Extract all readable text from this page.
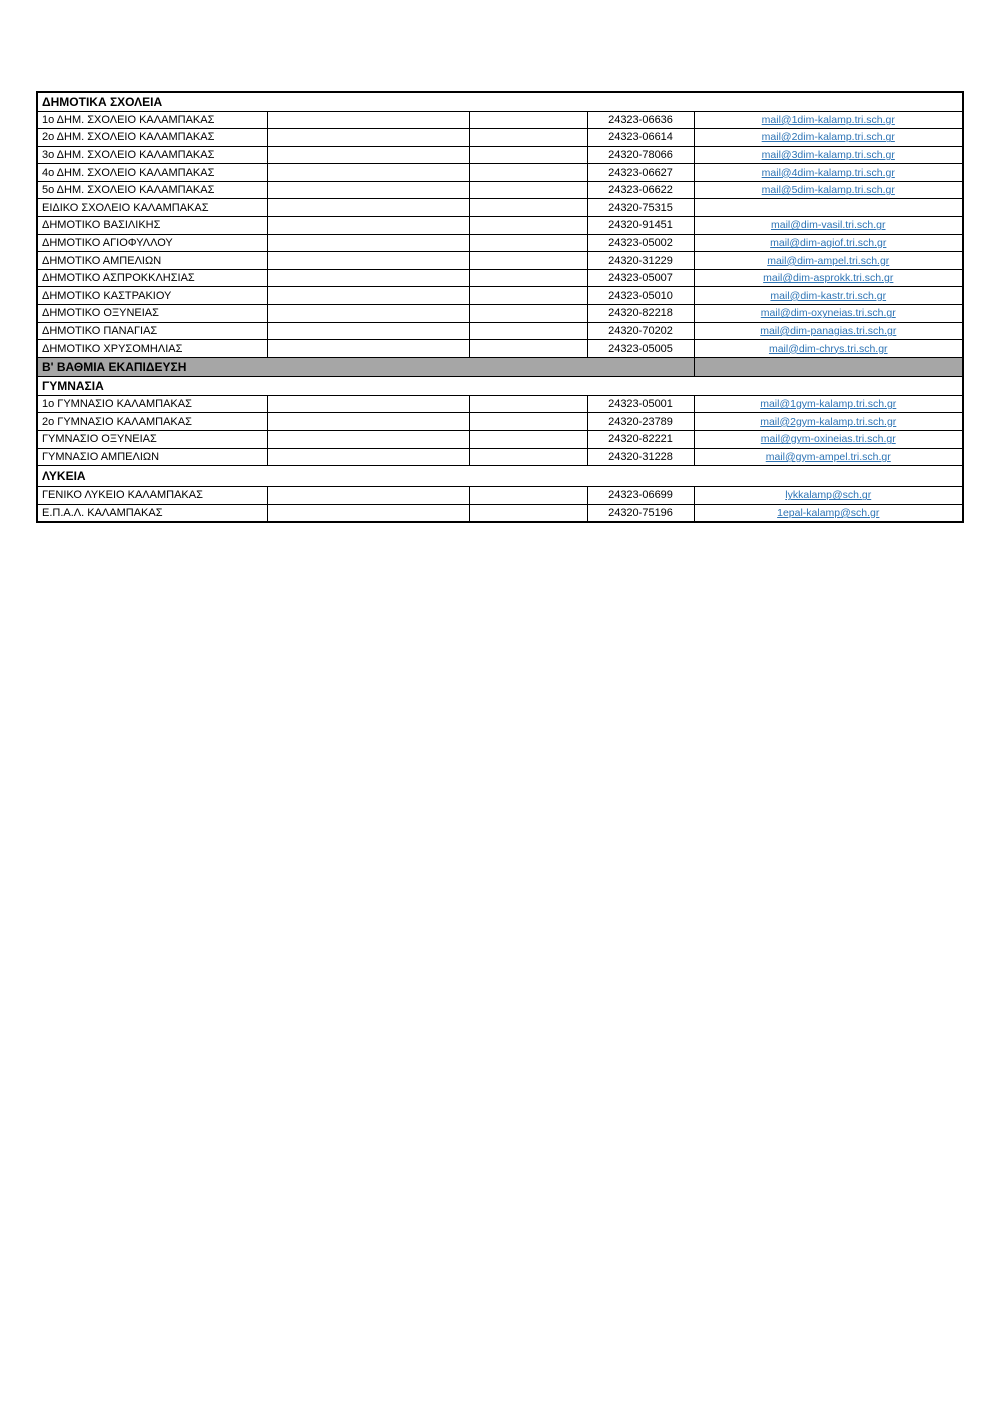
ΔΗΜΟΤΙΚΑ ΣΧΟΛΕΙΑ				
1ο ΔΗΜ. ΣΧΟΛΕΙΟ ΚΑΛΑΜΠΑΚΑΣ			24323-06636	mail@1dim-kalamp.tri.sch.gr
2ο ΔΗΜ. ΣΧΟΛΕΙΟ ΚΑΛΑΜΠΑΚΑΣ			24323-06614	mail@2dim-kalamp.tri.sch.gr
3ο ΔΗΜ. ΣΧΟΛΕΙΟ ΚΑΛΑΜΠΑΚΑΣ			24320-78066	mail@3dim-kalamp.tri.sch.gr
4ο ΔΗΜ. ΣΧΟΛΕΙΟ ΚΑΛΑΜΠΑΚΑΣ			24323-06627	mail@4dim-kalamp.tri.sch.gr
5ο ΔΗΜ. ΣΧΟΛΕΙΟ ΚΑΛΑΜΠΑΚΑΣ			24323-06622	mail@5dim-kalamp.tri.sch.gr
ΕΙΔΙΚΟ ΣΧΟΛΕΙΟ ΚΑΛΑΜΠΑΚΑΣ			24320-75315	
ΔΗΜΟΤΙΚΟ ΒΑΣΙΛΙΚΗΣ			24320-91451	mail@dim-vasil.tri.sch.gr
ΔΗΜΟΤΙΚΟ ΑΓΙΟΦΥΛΛΟΥ			24323-05002	mail@dim-agiof.tri.sch.gr
ΔΗΜΟΤΙΚΟ ΑΜΠΕΛΙΩΝ			24320-31229	mail@dim-ampel.tri.sch.gr
ΔΗΜΟΤΙΚΟ ΑΣΠΡΟΚΚΛΗΣΙΑΣ			24323-05007	mail@dim-asprokk.tri.sch.gr
ΔΗΜΟΤΙΚΟ ΚΑΣΤΡΑΚΙΟΥ			24323-05010	mail@dim-kastr.tri.sch.gr
ΔΗΜΟΤΙΚΟ ΟΞΥΝΕΙΑΣ			24320-82218	mail@dim-oxyneias.tri.sch.gr
ΔΗΜΟΤΙΚΟ ΠΑΝΑΓΙΑΣ			24320-70202	mail@dim-panagias.tri.sch.gr
ΔΗΜΟΤΙΚΟ ΧΡΥΣΟΜΗΛΙΑΣ			24323-05005	mail@dim-chrys.tri.sch.gr
Β' ΒΑΘΜΙΑ ΕΚΑΠΙΔΕΥΣΗ				
ΓΥΜΝΑΣΙΑ				
1ο ΓΥΜΝΑΣΙΟ ΚΑΛΑΜΠΑΚΑΣ			24323-05001	mail@1gym-kalamp.tri.sch.gr
2ο ΓΥΜΝΑΣΙΟ ΚΑΛΑΜΠΑΚΑΣ			24320-23789	mail@2gym-kalamp.tri.sch.gr
ΓΥΜΝΑΣΙΟ ΟΞΥΝΕΙΑΣ			24320-82221	mail@gym-oxineias.tri.sch.gr
ΓΥΜΝΑΣΙΟ ΑΜΠΕΛΙΩΝ			24320-31228	mail@gym-ampel.tri.sch.gr
ΛΥΚΕΙΑ				
ΓΕΝΙΚΟ ΛΥΚΕΙΟ ΚΑΛΑΜΠΑΚΑΣ			24323-06699	lykkalamp@sch.gr
Ε.Π.Α.Λ. ΚΑΛΑΜΠΑΚΑΣ			24320-75196	1epal-kalamp@sch.gr
